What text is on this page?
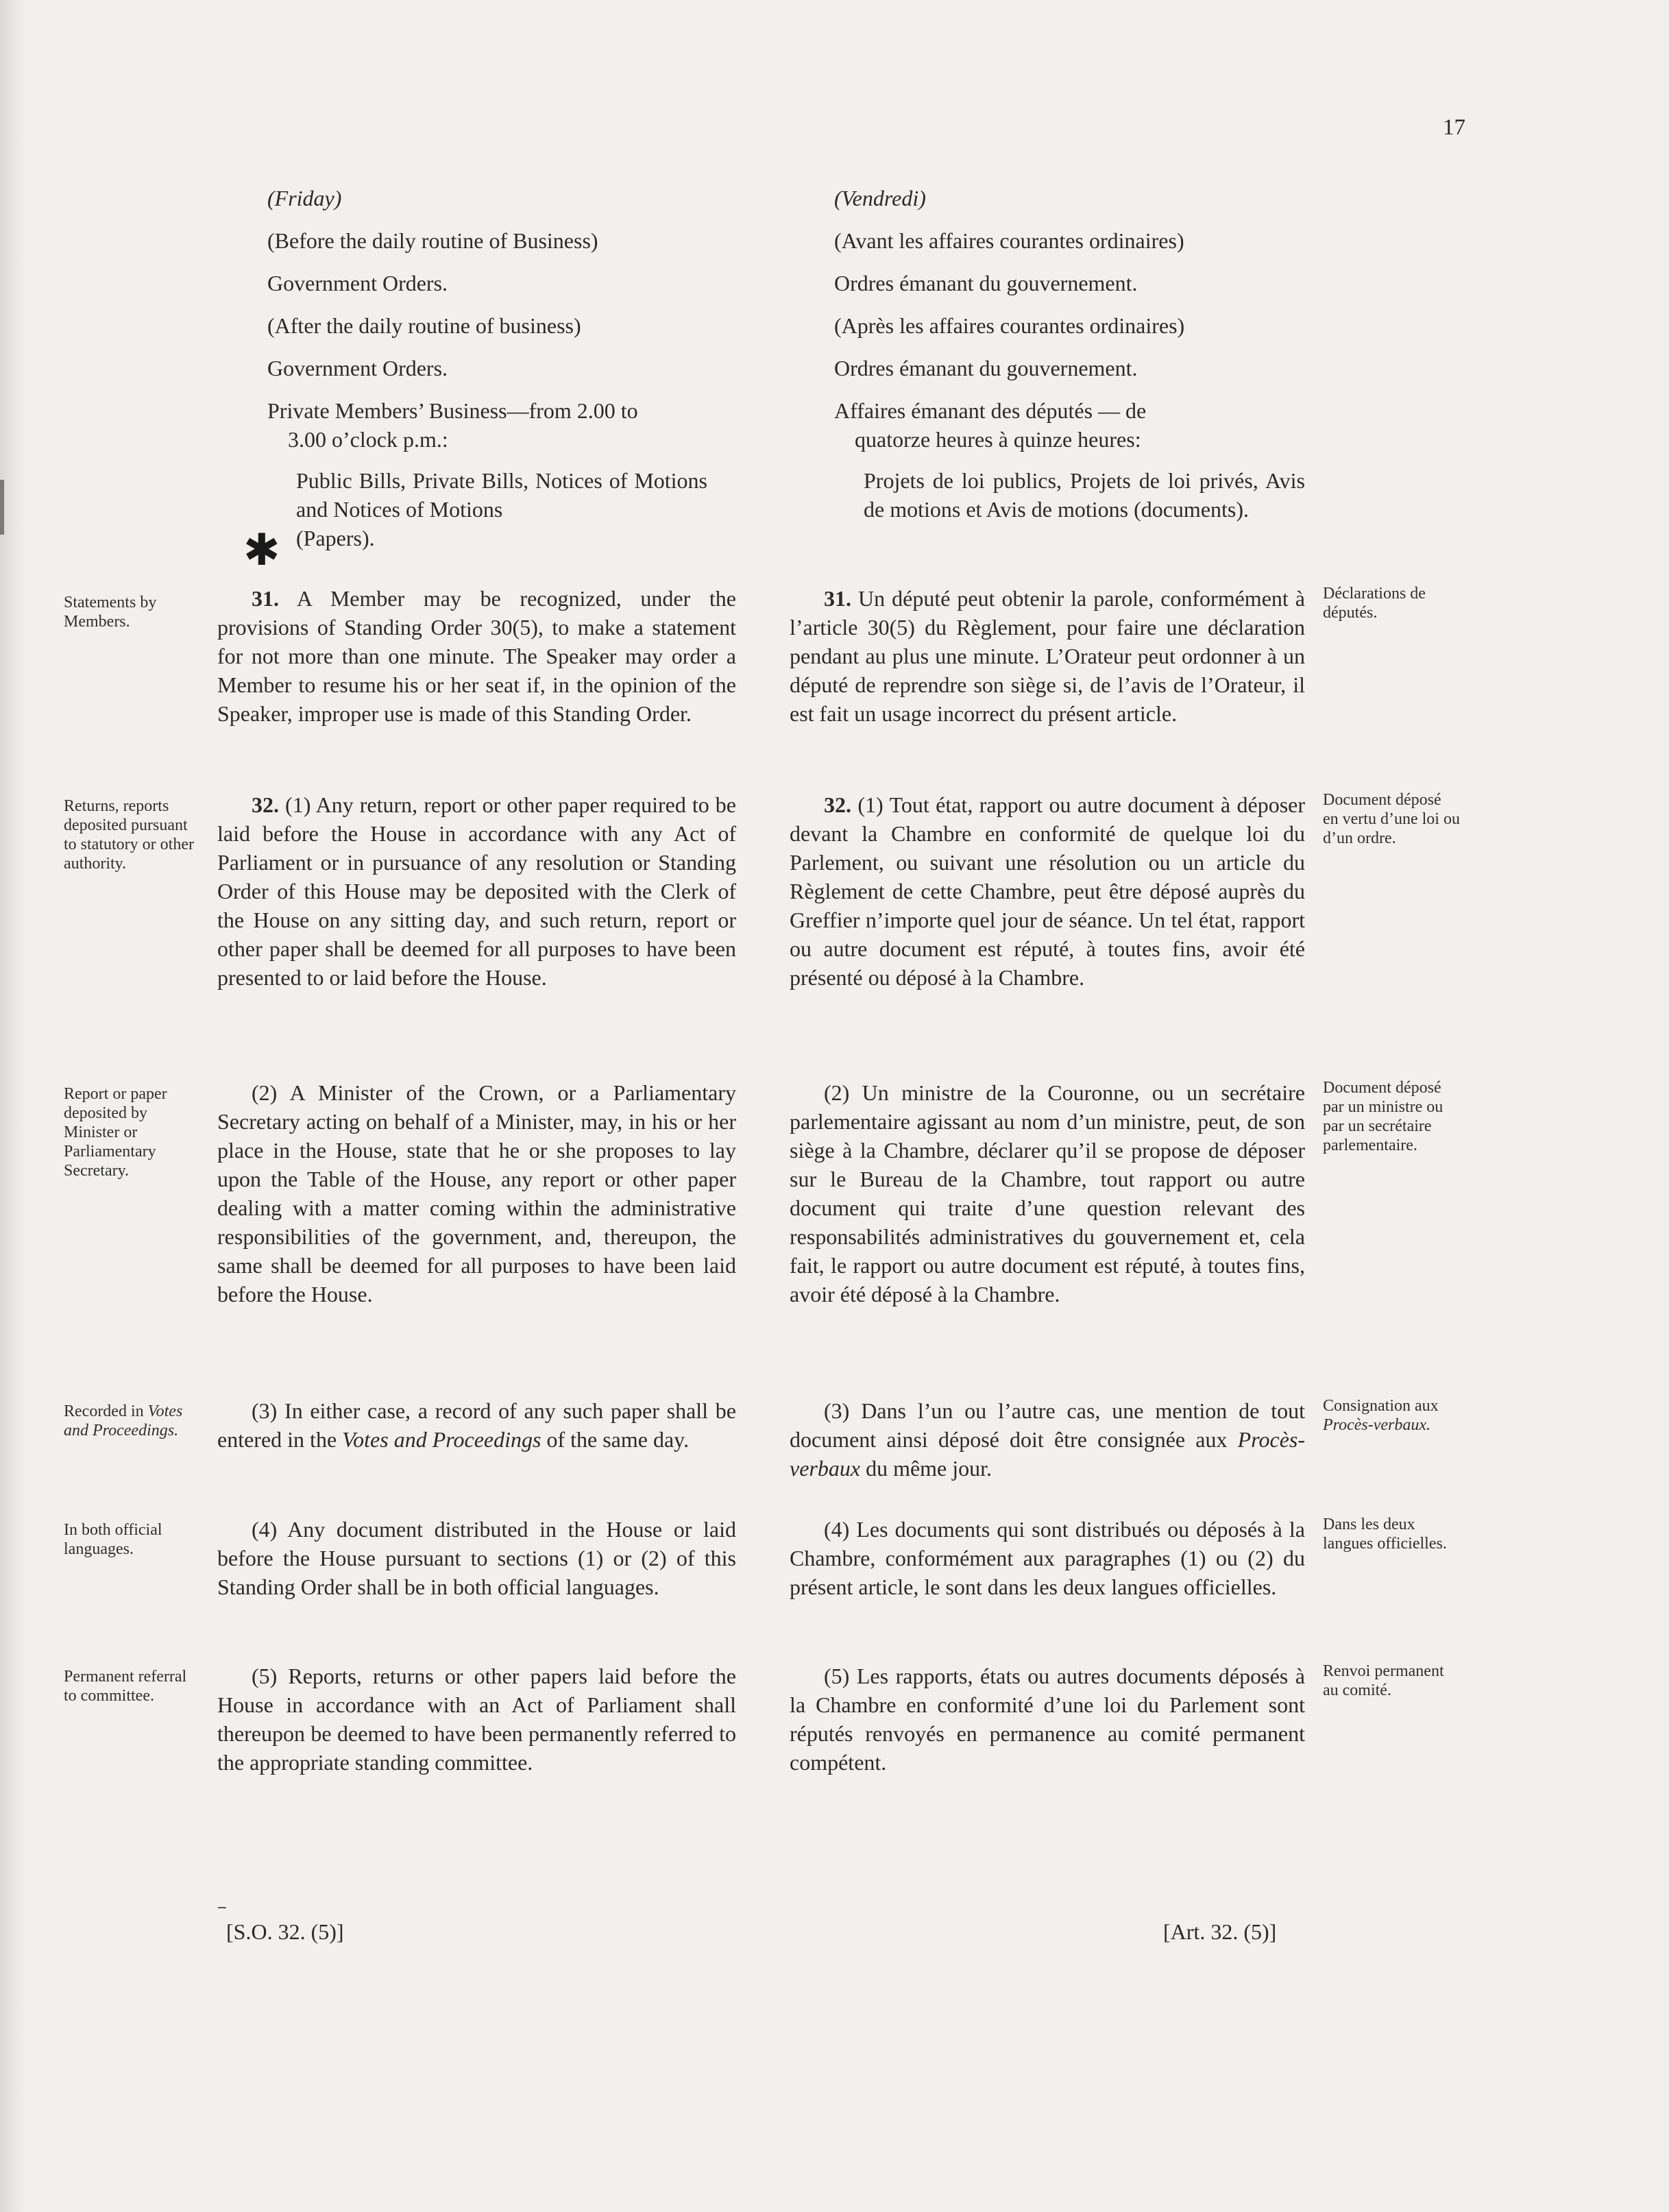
17
(Friday)
(Before the daily routine of Business)
Government Orders.
(After the daily routine of business)
Government Orders.
Private Members’ Business—from 2.00 to
3.00 o’clock p.m.:
Public Bills, Private Bills, Notices of Motions and Notices of Motions
(Papers).
✱
31. A Member may be recognized, under the provisions of Standing Order 30(5), to make a statement for not more than one minute. The Speaker may order a Member to resume his or her seat if, in the opinion of the Speaker, improper use is made of this Standing Order.
32. (1) Any return, report or other paper required to be laid before the House in accordance with any Act of Parliament or in pursuance of any resolution or Standing Order of this House may be deposited with the Clerk of the House on any sitting day, and such return, report or other paper shall be deemed for all purposes to have been presented to or laid before the House.
(2) A Minister of the Crown, or a Parliamentary Secretary acting on behalf of a Minister, may, in his or her place in the House, state that he or she proposes to lay upon the Table of the House, any report or other paper dealing with a matter coming within the administrative responsibilities of the government, and, thereupon, the same shall be deemed for all purposes to have been laid before the House.
(3) In either case, a record of any such paper shall be entered in the Votes and Proceedings of the same day.
(4) Any document distributed in the House or laid before the House pursuant to sections (1) or (2) of this Standing Order shall be in both official languages.
(5) Reports, returns or other papers laid before the House in accordance with an Act of Parliament shall thereupon be deemed to have been permanently referred to the appropriate standing committee.
(Vendredi)
(Avant les affaires courantes ordinaires)
Ordres émanant du gouvernement.
(Après les affaires courantes ordinaires)
Ordres émanant du gouvernement.
Affaires émanant des députés — de
quatorze heures à quinze heures:
Projets de loi publics, Projets de loi privés, Avis de motions et Avis de motions (documents).
31. Un député peut obtenir la parole, conformément à l’article 30(5) du Règlement, pour faire une déclaration pendant au plus une minute. L’Orateur peut ordonner à un député de reprendre son siège si, de l’avis de l’Orateur, il est fait un usage incorrect du présent article.
32. (1) Tout état, rapport ou autre document à déposer devant la Chambre en conformité de quelque loi du Parlement, ou suivant une résolution ou un article du Règlement de cette Chambre, peut être déposé auprès du Greffier n’importe quel jour de séance. Un tel état, rapport ou autre document est réputé, à toutes fins, avoir été présenté ou déposé à la Chambre.
(2) Un ministre de la Couronne, ou un secrétaire parlementaire agissant au nom d’un ministre, peut, de son siège à la Chambre, déclarer qu’il se propose de déposer sur le Bureau de la Chambre, tout rapport ou autre document qui traite d’une question relevant des responsabilités administratives du gouvernement et, cela fait, le rapport ou autre document est réputé, à toutes fins, avoir été déposé à la Chambre.
(3) Dans l’un ou l’autre cas, une mention de tout document ainsi déposé doit être consignée aux Procès-verbaux du même jour.
(4) Les documents qui sont distribués ou déposés à la Chambre, conformément aux paragraphes (1) ou (2) du présent article, le sont dans les deux langues officielles.
(5) Les rapports, états ou autres documents déposés à la Chambre en conformité d’une loi du Parlement sont réputés renvoyés en permanence au comité permanent compétent.
Statements by Members.
Returns, reports deposited pursuant to statutory or other authority.
Report or paper deposited by Minister or Parliamentary Secretary.
Recorded in Votes and Proceedings.
In both official languages.
Permanent referral to committee.
Déclarations de députés.
Document déposé en vertu d’une loi ou d’un ordre.
Document déposé par un ministre ou par un secrétaire parlementaire.
Consignation aux Procès-verbaux.
Dans les deux langues officielles.
Renvoi permanent au comité.
[S.O. 32. (5)]	[Art. 32. (5)]
